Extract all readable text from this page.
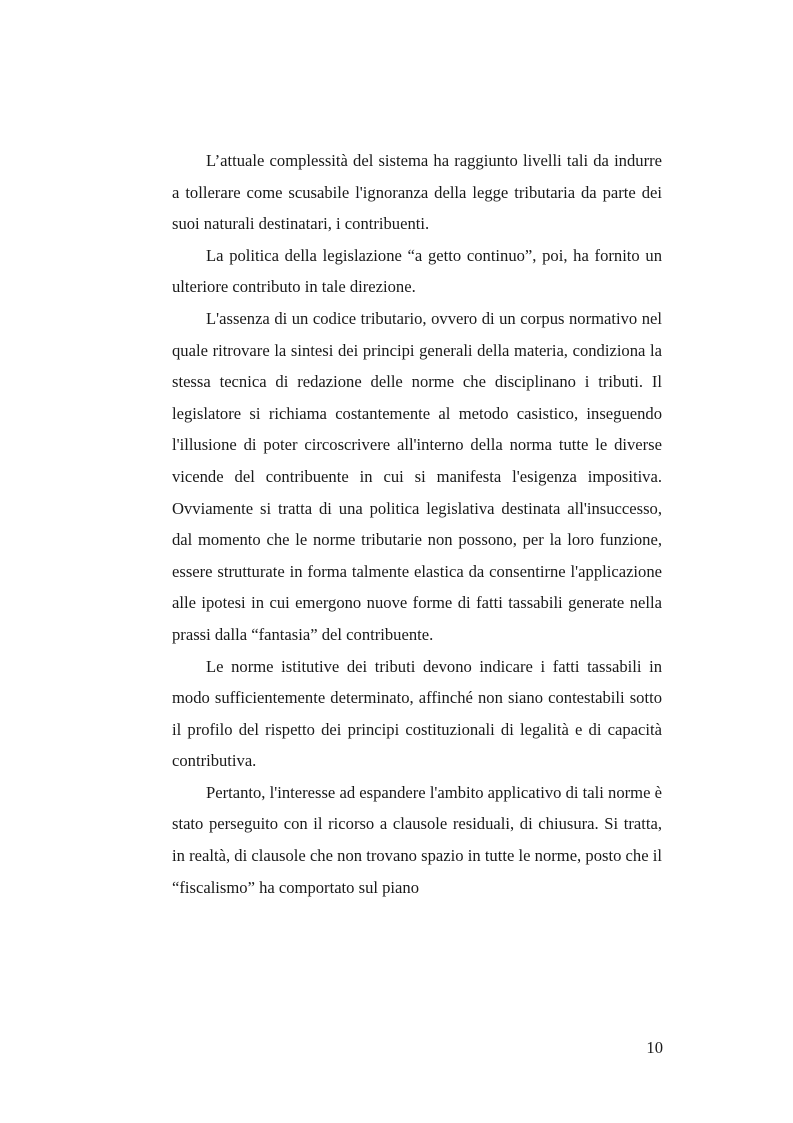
L’attuale complessità del sistema ha raggiunto livelli tali da indurre a tollerare come scusabile l'ignoranza della legge tributaria da parte dei suoi naturali destinatari, i contribuenti.

La politica della legislazione “a getto continuo”, poi, ha fornito un ulteriore contributo in tale direzione.

L'assenza di un codice tributario, ovvero di un corpus normativo nel quale ritrovare la sintesi dei principi generali della materia, condiziona la stessa tecnica di redazione delle norme che disciplinano i tributi. Il legislatore si richiama costantemente al metodo casistico, inseguendo l'illusione di poter circoscrivere all'interno della norma tutte le diverse vicende del contribuente in cui si manifesta l'esigenza impositiva. Ovviamente si tratta di una politica legislativa destinata all'insuccesso, dal momento che le norme tributarie non possono, per la loro funzione, essere strutturate in forma talmente elastica da consentirne l'applicazione alle ipotesi in cui emergono nuove forme di fatti tassabili generate nella prassi dalla “fantasia” del contribuente.

Le norme istitutive dei tributi devono indicare i fatti tassabili in modo sufficientemente determinato, affinché non siano contestabili sotto il profilo del rispetto dei principi costituzionali di legalità e di capacità contributiva.

Pertanto, l'interesse ad espandere l'ambito applicativo di tali norme è stato perseguito con il ricorso a clausole residuali, di chiusura. Si tratta, in realtà, di clausole che non trovano spazio in tutte le norme, posto che il “fiscalismo” ha comportato sul piano

10
